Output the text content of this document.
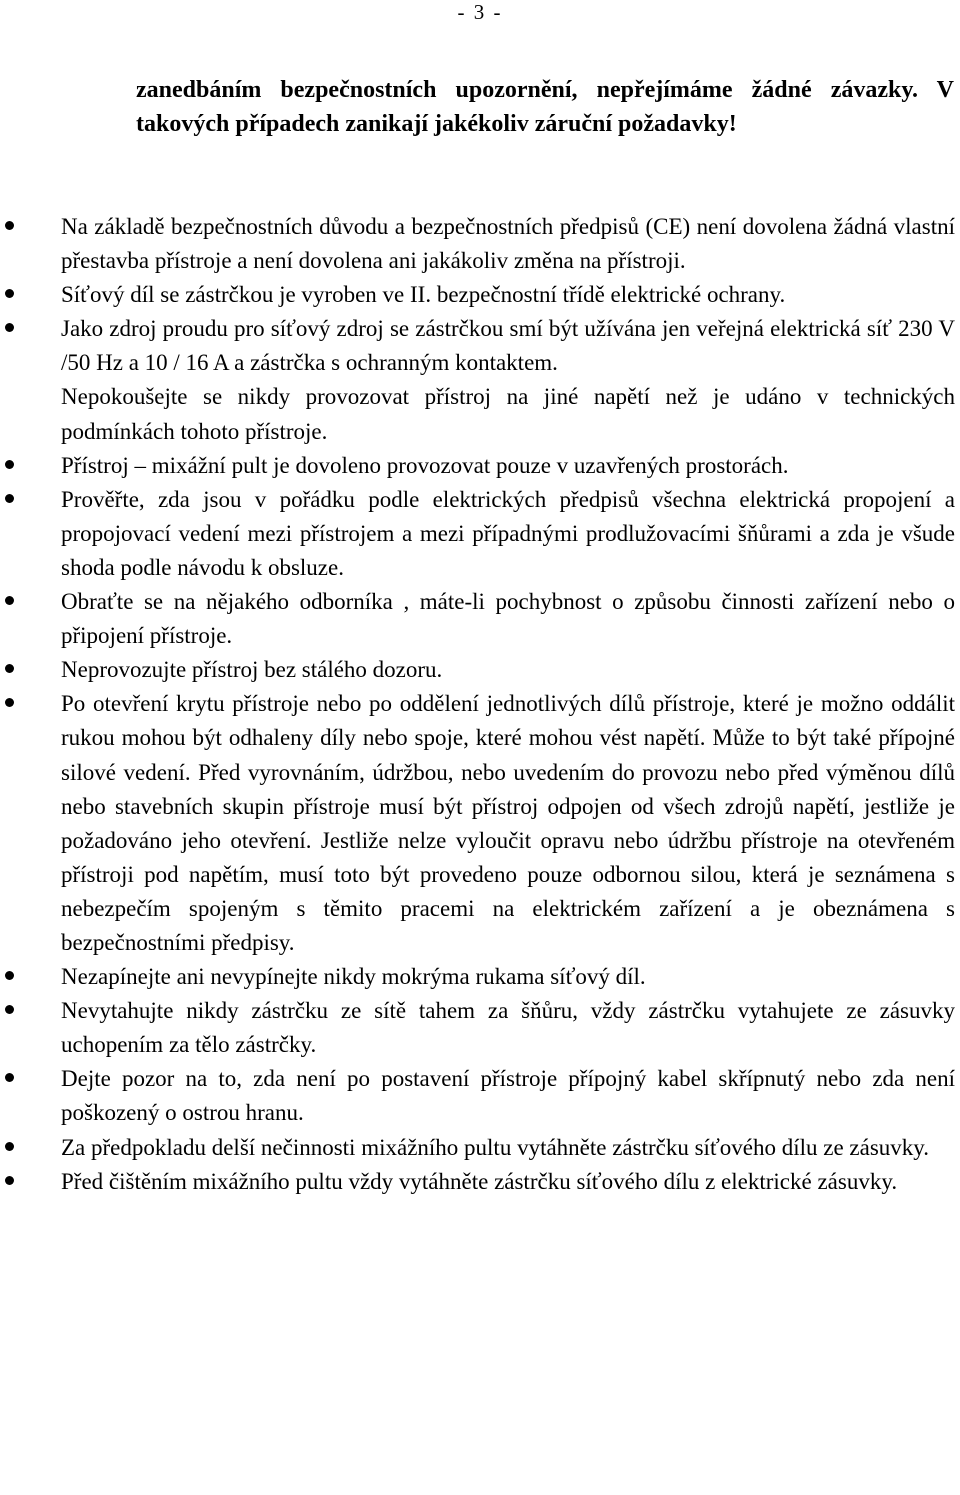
- 3 -
zanedbáním bezpečnostních upozornění, nepřejímáme žádné závazky. V takových případech zanikají jakékoliv záruční požadavky!
Na základě bezpečnostních důvodu a bezpečnostních předpisů (CE) není dovolena žádná vlastní přestavba přístroje a není dovolena ani jakákoliv změna na přístroji.
Síťový díl se zástrčkou je vyroben ve II. bezpečnostní třídě elektrické ochrany.
Jako zdroj proudu pro síťový zdroj se zástrčkou smí být užívána jen veřejná elektrická síť 230 V /50 Hz a 10 / 16 A a zástrčka s ochranným kontaktem.
Nepokoušejte se nikdy provozovat přístroj na jiné napětí než je udáno v technických podmínkách tohoto přístroje.
Přístroj – mixážní pult je dovoleno provozovat pouze v uzavřených prostorách.
Prověřte, zda jsou v pořádku podle elektrických předpisů všechna elektrická propojení a propojovací vedení mezi přístrojem a mezi případnými prodlužovacími šňůrami a zda je všude shoda podle návodu k obsluze.
Obraťte se na nějakého odborníka , máte-li pochybnost o způsobu činnosti zařízení nebo o připojení přístroje.
Neprovozujte přístroj bez stálého dozoru.
Po otevření krytu přístroje nebo po oddělení jednotlivých dílů přístroje, které je možno oddálit rukou mohou být odhaleny díly nebo spoje, které mohou vést napětí. Může to být také přípojné silové vedení. Před vyrovnáním, údržbou, nebo uvedením do provozu nebo před výměnou dílů nebo stavebních skupin přístroje musí být přístroj odpojen od všech zdrojů napětí, jestliže je požadováno jeho otevření. Jestliže nelze vyloučit opravu nebo údržbu přístroje na otevřeném přístroji pod napětím, musí toto být provedeno pouze odbornou silou, která je seznámena s nebezpečím spojeným s těmito pracemi na elektrickém zařízení a je obeznámena s bezpečnostními předpisy.
Nezapínejte ani nevypínejte nikdy mokrýma rukama síťový díl.
Nevytahujte nikdy zástrčku ze sítě tahem za šňůru, vždy zástrčku vytahujete ze zásuvky uchopením za tělo zástrčky.
Dejte pozor na to, zda není po postavení přístroje přípojný kabel skřípnutý nebo zda není poškozený o ostrou hranu.
Za předpokladu delší nečinnosti mixážního pultu vytáhněte zástrčku síťového dílu ze zásuvky.
Před čištěním mixážního pultu vždy vytáhněte zástrčku síťového dílu z elektrické zásuvky.
